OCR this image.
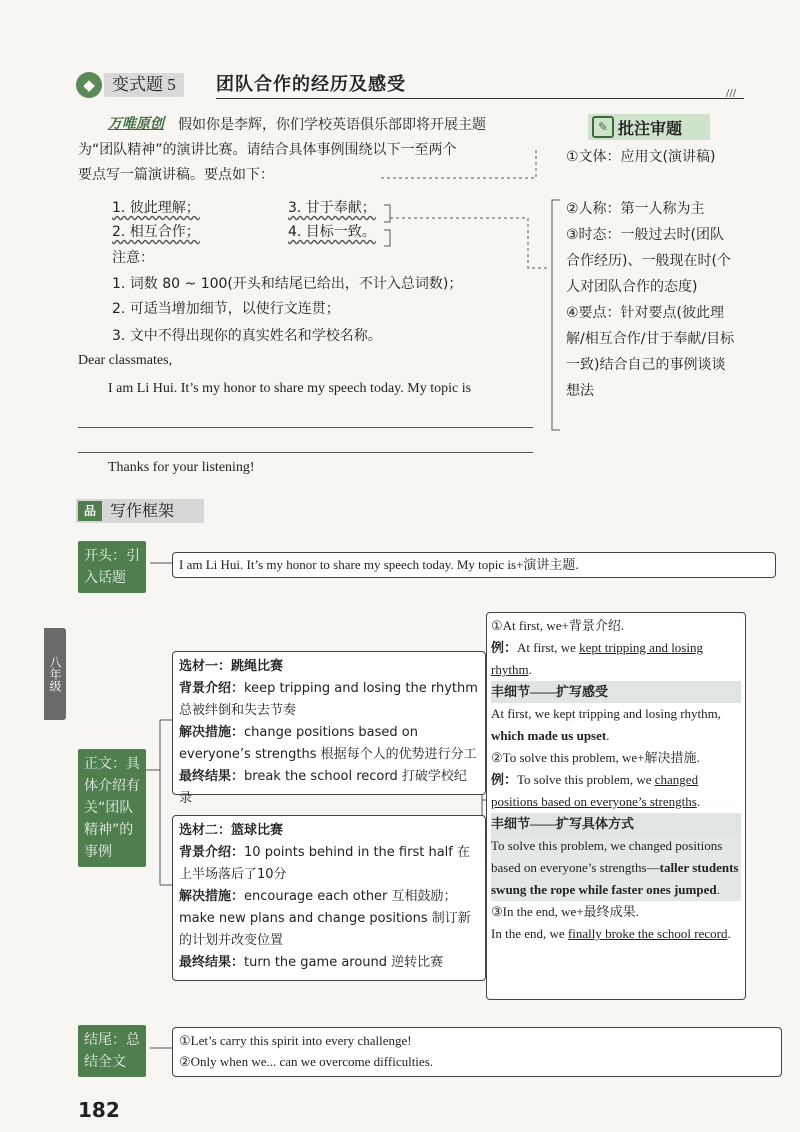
◆	变式题 5	团队合作的经历及感受	///
万唯原创 假如你是李辉，你们学校英语俱乐部即将开展主题
为“团队精神”的演讲比赛。请结合具体事例围绕以下一至两个
要点写一篇演讲稿。要点如下：
1. 彼此理解；
2. 相互合作；
3. 甘于奉献；
4. 目标一致。
注意：
1. 词数 80 ~ 100(开头和结尾已给出，不计入总词数)；
2. 可适当增加细节，以使行文连贯；
3. 文中不得出现你的真实姓名和学校名称。
Dear classmates,
I am Li Hui. It’s my honor to share my speech today. My topic is
Thanks for your listening!
✎ 批注审题
①文体：应用文(演讲稿)
②人称：第一人称为主
③时态：一般过去时(团队合作经历)、一般现在时(个人对团队合作的态度)
④要点：针对要点(彼此理解/相互合作/甘于奉献/目标一致)结合自己的事例谈谈想法
品 写作框架
开头：引入话题
I am Li Hui. It’s my honor to share my speech today. My topic is+演讲主题.
正文：具体介绍有关“团队精神”的事例
选材一：跳绳比赛
背景介绍：keep tripping and losing the rhythm 总被绊倒和失去节奏
解决措施：change positions based on everyone’s strengths 根据每个人的优势进行分工
最终结果：break the school record 打破学校纪录
选材二：篮球比赛
背景介绍：10 points behind in the first half 在上半场落后了10分
解决措施：encourage each other 互相鼓励；make new plans and change positions 制订新的计划并改变位置
最终结果：turn the game around 逆转比赛
①At first, we+背景介绍.
例：At first, we kept tripping and losing rhythm.
丰细节——扩写感受
At first, we kept tripping and losing rhythm, which made us upset.
②To solve this problem, we+解决措施.
例：To solve this problem, we changed positions based on everyone’s strengths.
丰细节——扩写具体方式
To solve this problem, we changed positions based on everyone’s strengths—taller students swung the rope while faster ones jumped.
③In the end, we+最终成果.
In the end, we finally broke the school record.
结尾：总结全文
①Let’s carry this spirit into every challenge!
②Only when we... can we overcome difficulties.
八年级
182
